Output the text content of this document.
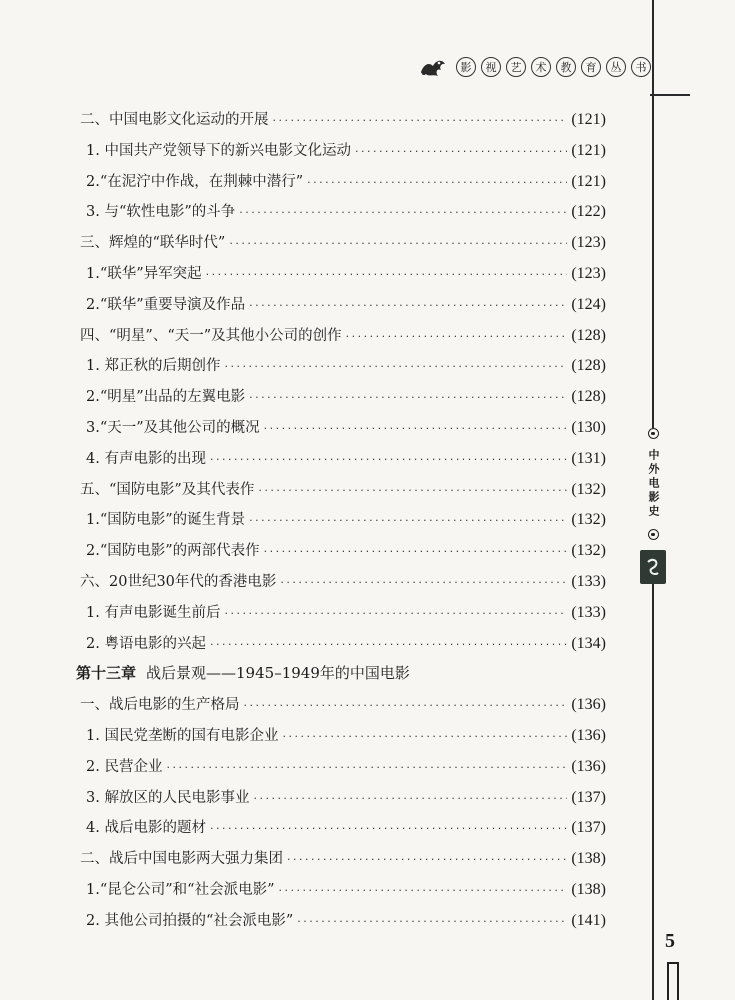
影	视	艺	术	教	育	丛	书
中外电影史
二、中国电影文化运动的开展 ·····	(121)
1. 中国共产党领导下的新兴电影文化运动 ·····	(121)
2.“在泥泞中作战，在荆棘中潜行” ·····	(121)
3. 与“软性电影”的斗争 ·····	(122)
三、辉煌的“联华时代” ·····	(123)
1.“联华”异军突起 ·····	(123)
2.“联华”重要导演及作品 ·····	(124)
四、“明星”、“天一”及其他小公司的创作 ·····	(128)
1. 郑正秋的后期创作 ·····	(128)
2.“明星”出品的左翼电影 ·····	(128)
3.“天一”及其他公司的概况 ·····	(130)
4. 有声电影的出现 ·····	(131)
五、“国防电影”及其代表作 ·····	(132)
1.“国防电影”的诞生背景 ·····	(132)
2.“国防电影”的两部代表作 ·····	(132)
六、20世纪30年代的香港电影 ·····	(133)
1. 有声电影诞生前后 ·····	(133)
2. 粤语电影的兴起 ·····	(134)
第十三章 战后景观——1945–1949年的中国电影
一、战后电影的生产格局 ·····	(136)
1. 国民党垄断的国有电影企业 ·····	(136)
2. 民营企业 ·····	(136)
3. 解放区的人民电影事业 ·····	(137)
4. 战后电影的题材 ·····	(137)
二、战后中国电影两大强力集团 ·····	(138)
1.“昆仑公司”和“社会派电影” ·····	(138)
2. 其他公司拍摄的“社会派电影” ·····	(141)
5
